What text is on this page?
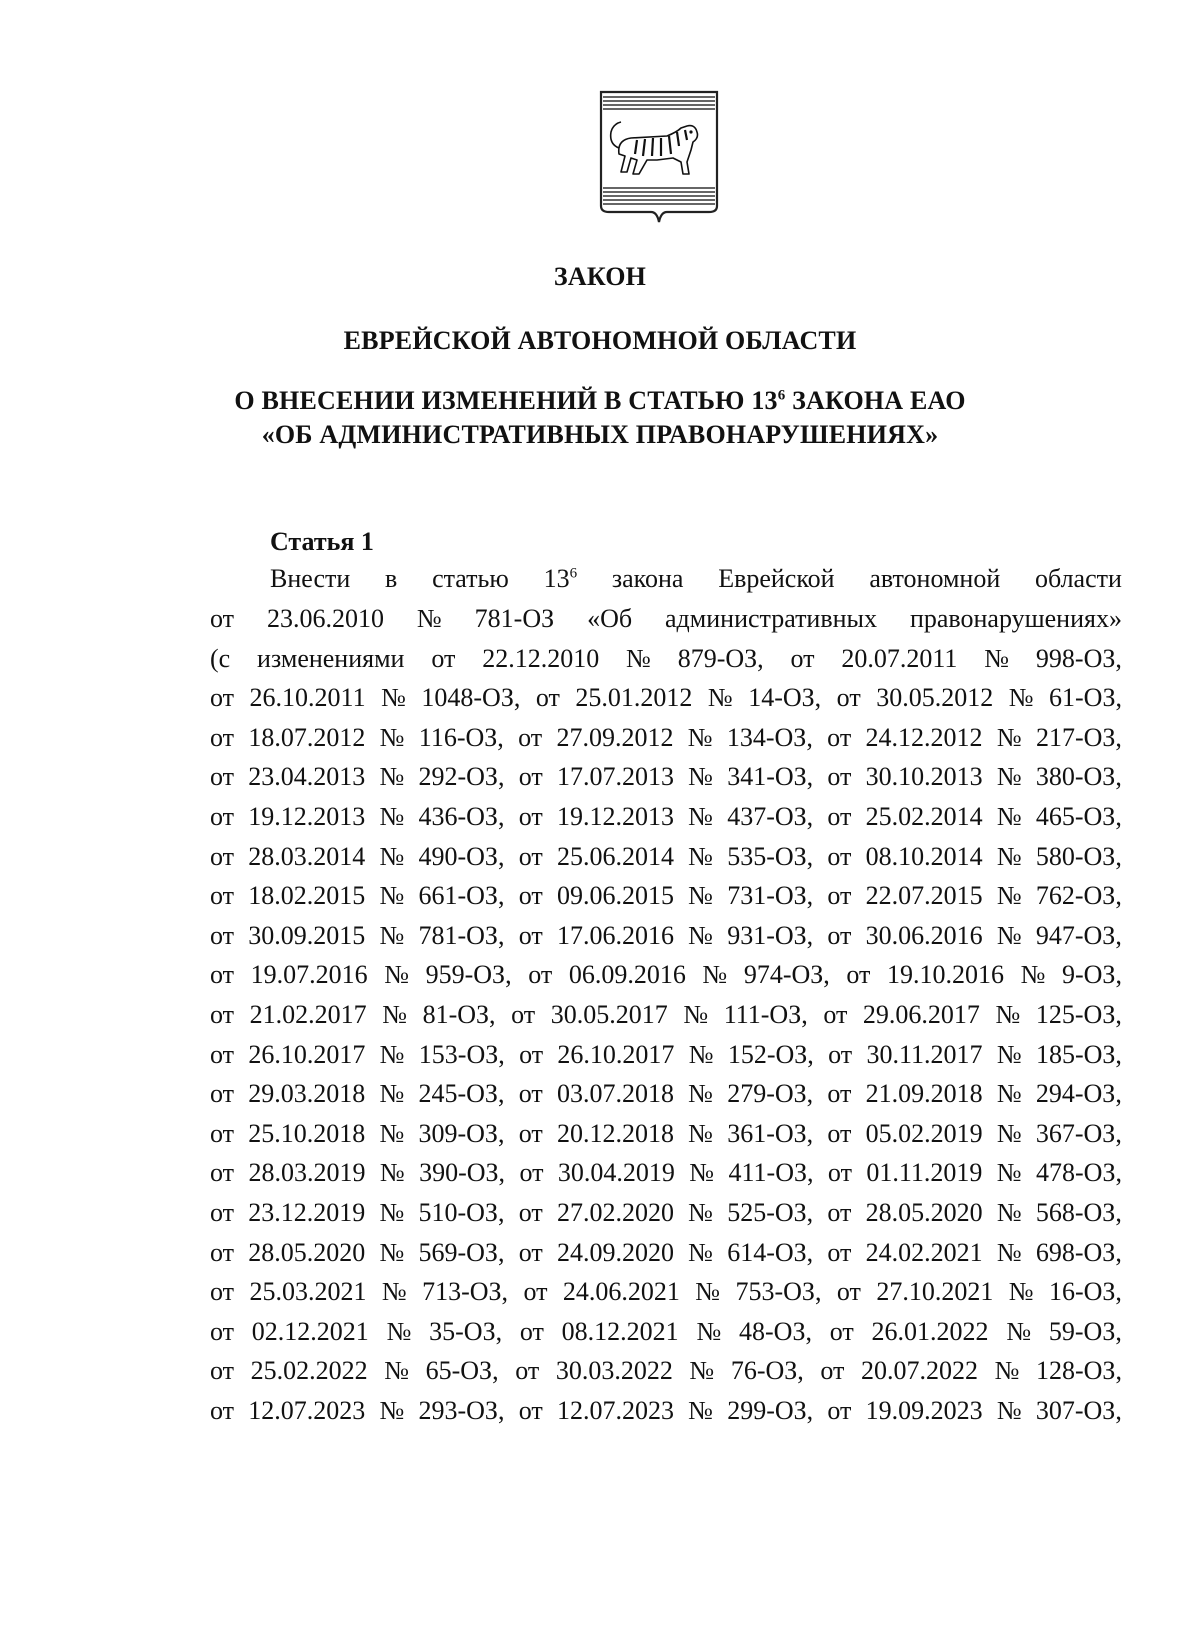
ЗАКОН
ЕВРЕЙСКОЙ АВТОНОМНОЙ ОБЛАСТИ
О ВНЕСЕНИИ ИЗМЕНЕНИЙ В СТАТЬЮ $13^6$ ЗАКОНА ЕАО
«ОБ АДМИНИСТРАТИВНЫХ ПРАВОНАРУШЕНИЯХ»
Статья 1
Внести в статью $13^6$ закона Еврейской автономной области
от 23.06.2010 № 781-ОЗ «Об административных правонарушениях»
(с изменениями от 22.12.2010 № 879-ОЗ, от 20.07.2011 № 998-ОЗ,
от 26.10.2011 № 1048-ОЗ, от 25.01.2012 № 14-ОЗ, от 30.05.2012 № 61-ОЗ,
от 18.07.2012 № 116-ОЗ, от 27.09.2012 № 134-ОЗ, от 24.12.2012 № 217-ОЗ,
от 23.04.2013 № 292-ОЗ, от 17.07.2013 № 341-ОЗ, от 30.10.2013 № 380-ОЗ,
от 19.12.2013 № 436-ОЗ, от 19.12.2013 № 437-ОЗ, от 25.02.2014 № 465-ОЗ,
от 28.03.2014 № 490-ОЗ, от 25.06.2014 № 535-ОЗ, от 08.10.2014 № 580-ОЗ,
от 18.02.2015 № 661-ОЗ, от 09.06.2015 № 731-ОЗ, от 22.07.2015 № 762-ОЗ,
от 30.09.2015 № 781-ОЗ, от 17.06.2016 № 931-ОЗ, от 30.06.2016 № 947-ОЗ,
от 19.07.2016 № 959-ОЗ, от 06.09.2016 № 974-ОЗ, от 19.10.2016 № 9-ОЗ,
от 21.02.2017 № 81-ОЗ, от 30.05.2017 № 111-ОЗ, от 29.06.2017 № 125-ОЗ,
от 26.10.2017 № 153-ОЗ, от 26.10.2017 № 152-ОЗ, от 30.11.2017 № 185-ОЗ,
от 29.03.2018 № 245-ОЗ, от 03.07.2018 № 279-ОЗ, от 21.09.2018 № 294-ОЗ,
от 25.10.2018 № 309-ОЗ, от 20.12.2018 № 361-ОЗ, от 05.02.2019 № 367-ОЗ,
от 28.03.2019 № 390-ОЗ, от 30.04.2019 № 411-ОЗ, от 01.11.2019 № 478-ОЗ,
от 23.12.2019 № 510-ОЗ, от 27.02.2020 № 525-ОЗ, от 28.05.2020 № 568-ОЗ,
от 28.05.2020 № 569-ОЗ, от 24.09.2020 № 614-ОЗ, от 24.02.2021 № 698-ОЗ,
от 25.03.2021 № 713-ОЗ, от 24.06.2021 № 753-ОЗ, от 27.10.2021 № 16-ОЗ,
от 02.12.2021 № 35-ОЗ, от 08.12.2021 № 48-ОЗ, от 26.01.2022 № 59-ОЗ,
от 25.02.2022 № 65-ОЗ, от 30.03.2022 № 76-ОЗ, от 20.07.2022 № 128-ОЗ,
от 12.07.2023 № 293-ОЗ, от 12.07.2023 № 299-ОЗ, от 19.09.2023 № 307-ОЗ,
